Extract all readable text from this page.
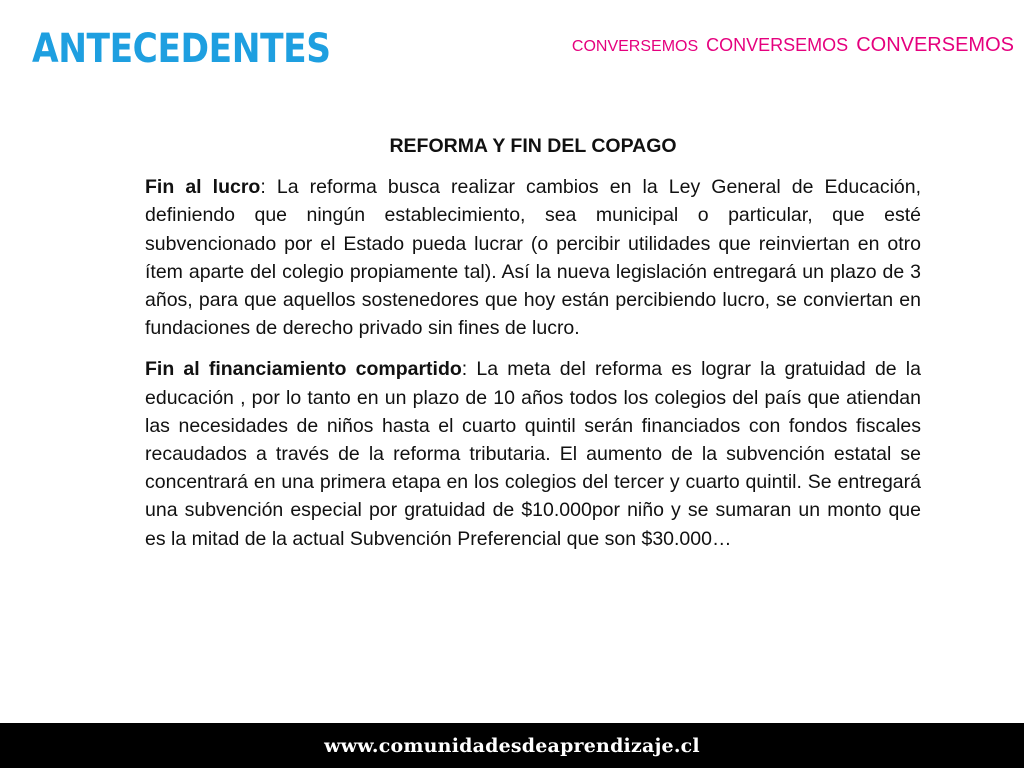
ANTECEDENTES	CONVERSEMOS CONVERSEMOS CONVERSEMOS
REFORMA Y FIN DEL COPAGO

Fin al lucro: La reforma busca realizar cambios en la Ley General de Educación, definiendo que ningún establecimiento, sea municipal o particular, que esté subvencionado por el Estado pueda lucrar (o percibir utilidades que reinviertan en otro ítem aparte del colegio propiamente tal). Así la nueva legislación entregará un plazo de 3 años, para que aquellos sostenedores que hoy están percibiendo lucro, se conviertan en fundaciones de derecho privado sin fines de lucro.

Fin al financiamiento compartido: La meta del reforma es lograr la gratuidad de la educación , por lo tanto en un plazo de 10 años todos los colegios del país que atiendan las necesidades de niños hasta el cuarto quintil serán financiados con fondos fiscales recaudados a través de la reforma tributaria. El aumento de la subvención estatal se concentrará en una primera etapa en los colegios del tercer y cuarto quintil. Se entregará una subvención especial por gratuidad de $10.000por niño y se sumaran un monto que es la mitad de la actual Subvención Preferencial que son $30.000…

www.comunidadesdeaprendizaje.cl
